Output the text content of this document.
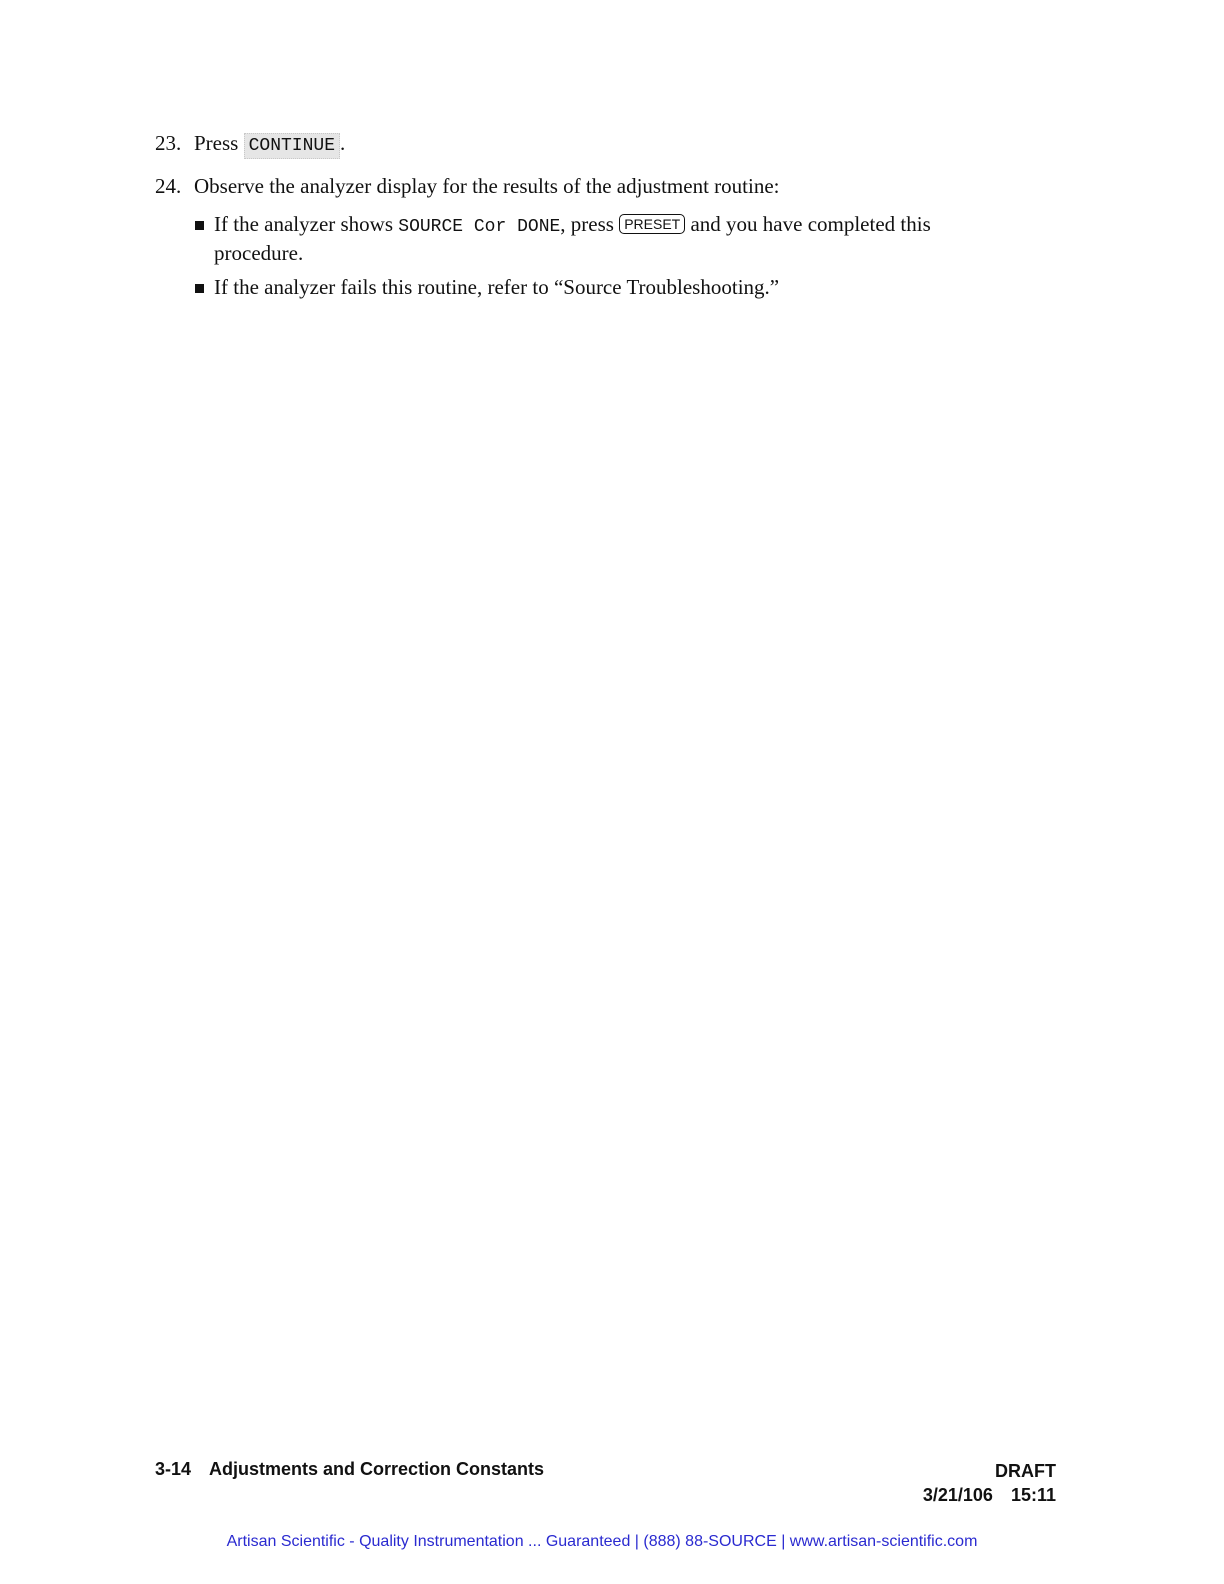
23. Press CONTINUE .
24. Observe the analyzer display for the results of the adjustment routine:
If the analyzer shows SOURCE Cor DONE, press PRESET and you have completed this
procedure.
If the analyzer fails this routine, refer to “Source Troubleshooting.”
3-14 Adjustments and Correction Constants	DRAFT
3/21/106 15:11
Artisan Scientific - Quality Instrumentation ... Guaranteed | (888) 88-SOURCE | www.artisan-scientific.com
